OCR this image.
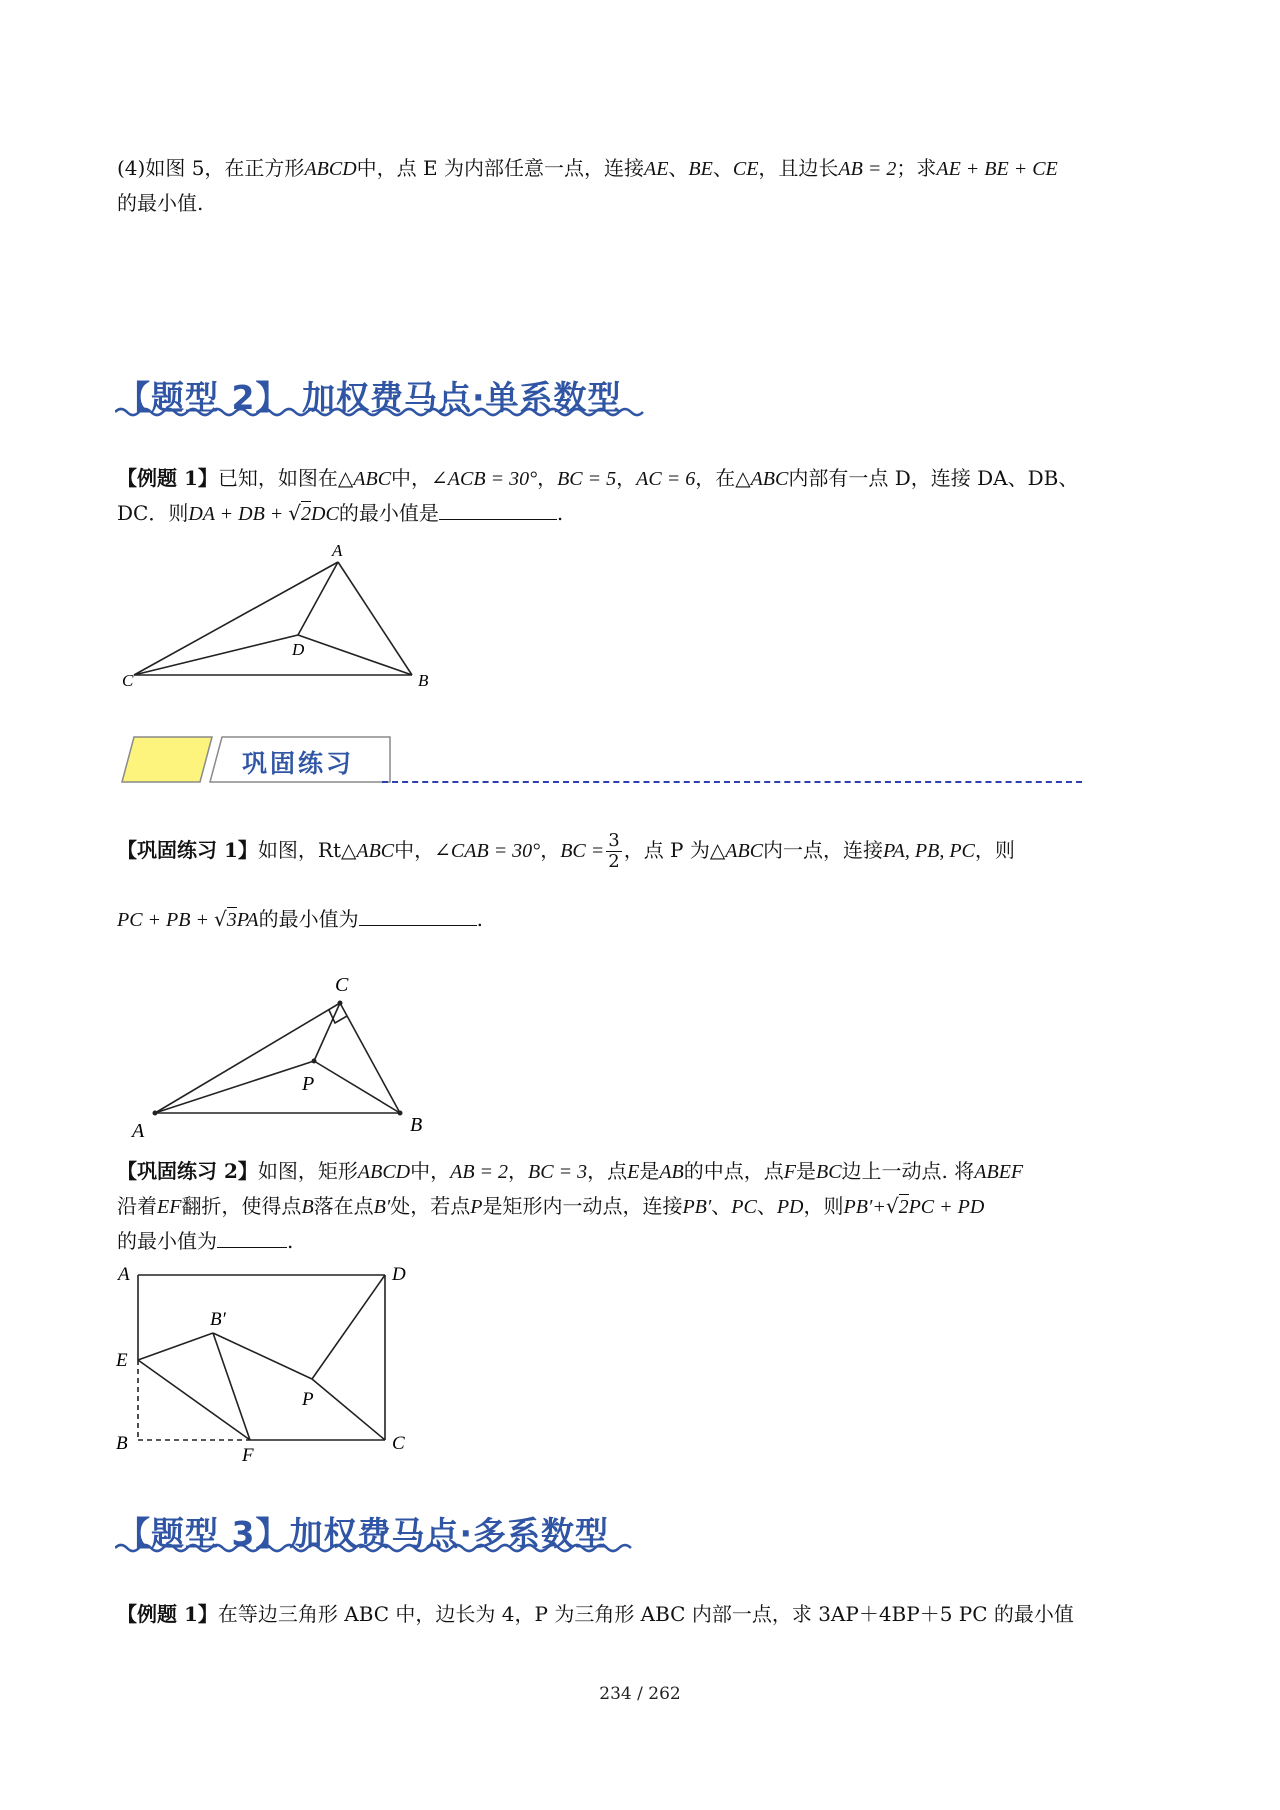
(4)如图 5，在正方形ABCD中，点 E 为内部任意一点，连接AE、BE、CE，且边长AB = 2；求AE + BE + CE
的最小值.
【题型 2】 加权费马点·单系数型
【例题 1】已知，如图在△ABC中，∠ACB = 30°，BC = 5，AC = 6，在△ABC内部有一点 D，连接 DA、DB、
DC．则DA + DB + √2DC的最小值是	.
A
B
C
D
巩固练习
【巩固练习 1】如图，Rt△ABC中，∠CAB = 30°，BC = $\frac{3}{2}$ ，点 P 为△ABC内一点，连接PA, PB, PC，则
PC + PB + √3PA的最小值为	.
C
A	B
P
【巩固练习 2】如图，矩形ABCD中，AB = 2，BC = 3，点E是AB的中点，点F是BC边上一动点. 将ABEF
沿着EF翻折，使得点B落在点B′处，若点P是矩形内一动点，连接PB′、PC、PD，则PB′+√2PC + PD
的最小值为	.
A	D
E
B
F
C
P
B′
【题型 3】加权费马点·多系数型
【例题 1】在等边三角形 ABC 中，边长为 4，P 为三角形 ABC 内部一点，求 3AP＋4BP＋5 PC 的最小值
234 / 262
